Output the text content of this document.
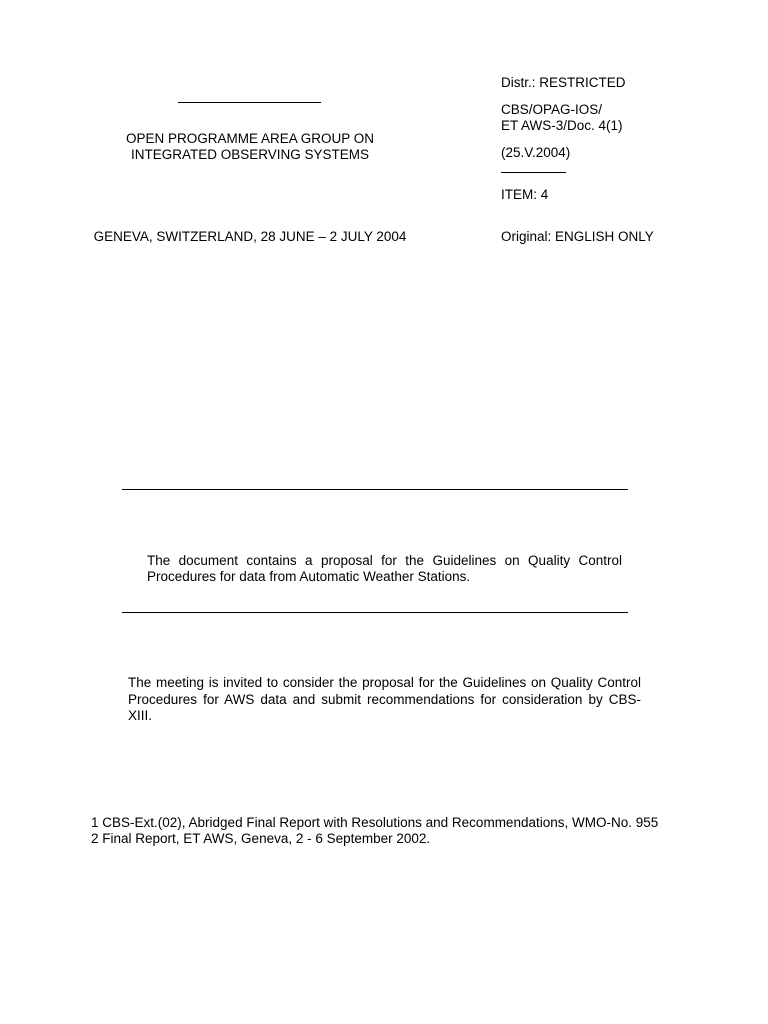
OPEN PROGRAMME AREA GROUP ON
INTEGRATED OBSERVING SYSTEMS
GENEVA, SWITZERLAND, 28 JUNE – 2 JULY 2004
Distr.: RESTRICTED
CBS/OPAG-IOS/
ET AWS-3/Doc. 4(1)
(25.V.2004)
ITEM: 4
Original: ENGLISH ONLY

The document contains a proposal for the Guidelines on Quality Control Procedures for data from Automatic Weather Stations.

The meeting is invited to consider the proposal for the Guidelines on Quality Control Procedures for AWS data and submit recommendations for consideration by CBS-XIII.

1 CBS-Ext.(02), Abridged Final Report with Resolutions and Recommendations, WMO-No. 955
2 Final Report, ET AWS, Geneva, 2 - 6 September 2002.
